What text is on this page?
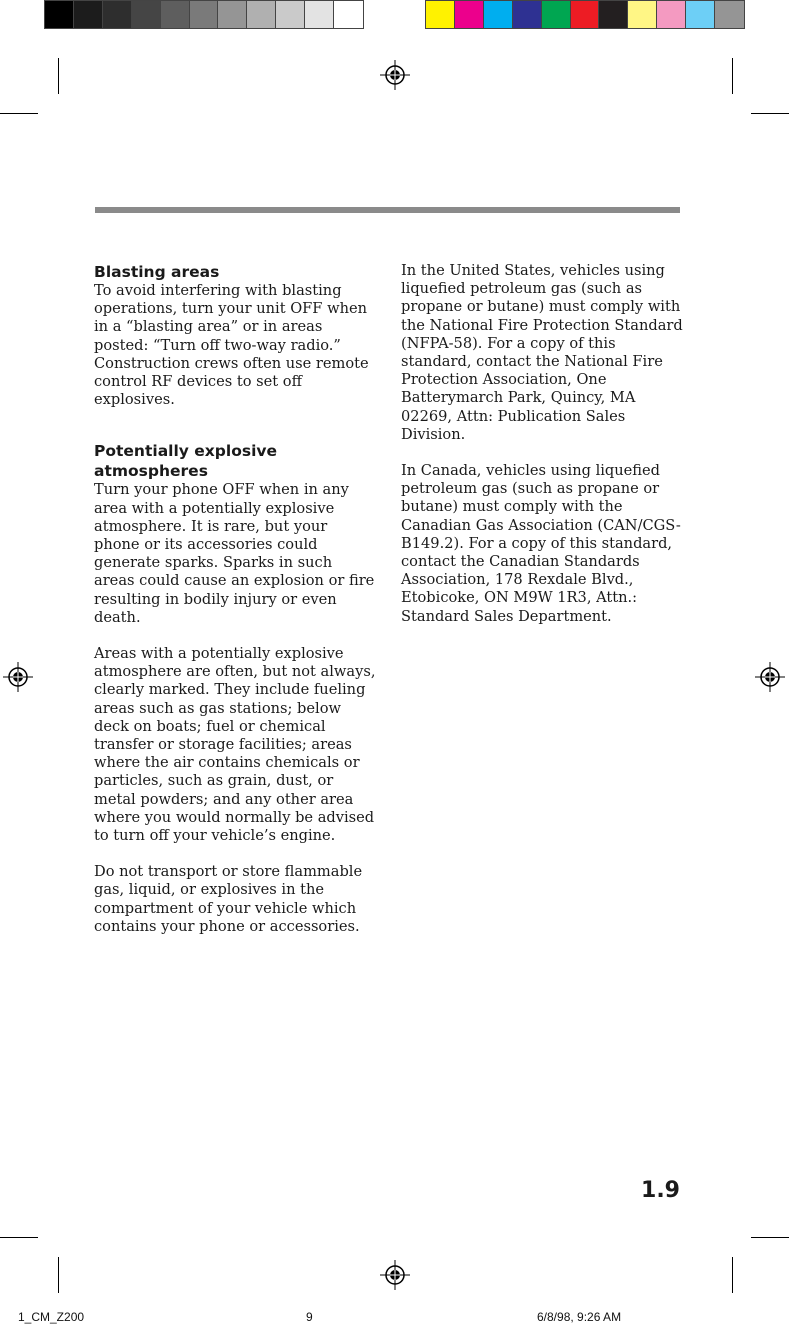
Blasting areas

To avoid interfering with blasting operations, turn your unit OFF when in a “blasting area” or in areas posted: “Turn off two-way radio.” Construction crews often use remote control RF devices to set off explosives.

Potentially explosive atmospheres

Turn your phone OFF when in any area with a potentially explosive atmosphere. It is rare, but your phone or its accessories could generate sparks. Sparks in such areas could cause an explosion or fire resulting in bodily injury or even death.

Areas with a potentially explosive atmosphere are often, but not always, clearly marked. They include fueling areas such as gas stations; below deck on boats; fuel or chemical transfer or storage facilities; areas where the air contains chemicals or particles, such as grain, dust, or metal powders; and any other area where you would normally be advised to turn off your vehicle’s engine.

Do not transport or store flammable gas, liquid, or explosives in the compartment of your vehicle which contains your phone or accessories.

In the United States, vehicles using liquefied petroleum gas (such as propane or butane) must comply with the National Fire Protection Standard (NFPA-58). For a copy of this standard, contact the National Fire Protection Association, One Batterymarch Park, Quincy, MA 02269, Attn: Publication Sales Division.

In Canada, vehicles using liquefied petroleum gas (such as propane or butane) must comply with the Canadian Gas Association (CAN/CGS-B149.2). For a copy of this standard, contact the Canadian Standards Association, 178 Rexdale Blvd., Etobicoke, ON M9W 1R3, Attn.: Standard Sales Department.

1.9
1_CM_Z200	9	6/8/98, 9:26 AM
